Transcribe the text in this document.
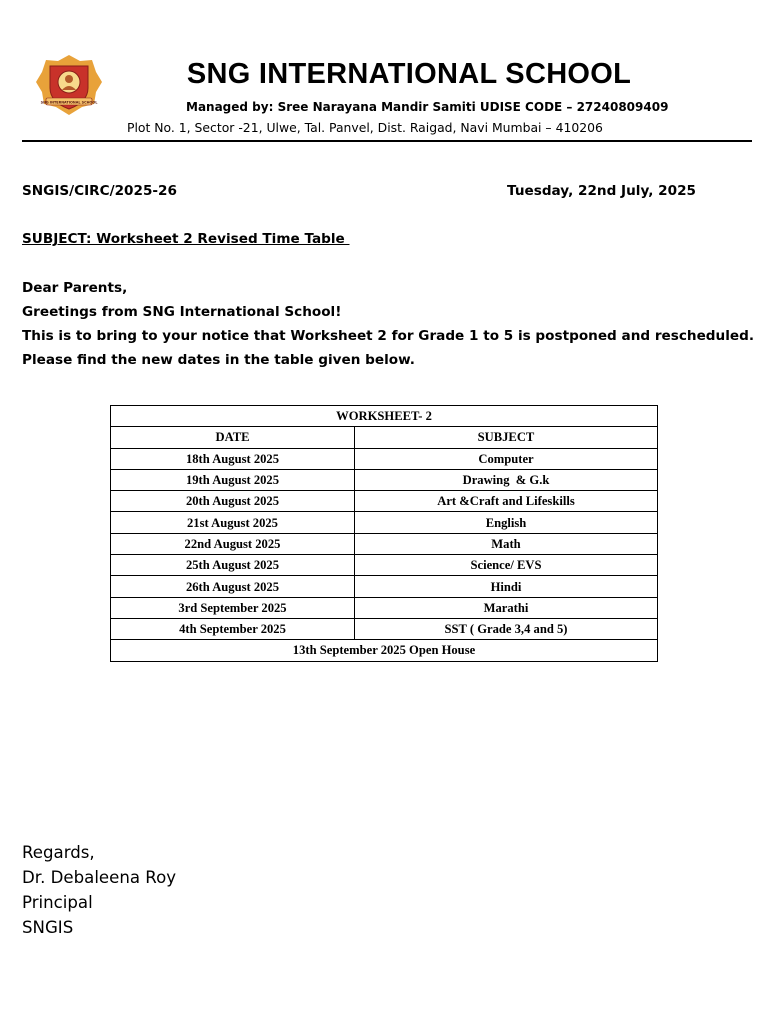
SNG INTERNATIONAL SCHOOL
SNG INTERNATIONAL SCHOOL
Managed by: Sree Narayana Mandir Samiti UDISE CODE – 27240809409
Plot No. 1, Sector -21, Ulwe, Tal. Panvel, Dist. Raigad, Navi Mumbai – 410206
SNGIS/CIRC/2025-26	Tuesday, 22nd July, 2025
SUBJECT: Worksheet 2 Revised Time Table
Dear Parents,
Greetings from SNG International School!
This is to bring to your notice that Worksheet 2 for Grade 1 to 5 is postponed and rescheduled.
Please find the new dates in the table given below.
WORKSHEET- 2	
DATE	SUBJECT
18th August 2025	Computer
19th August 2025	Drawing  & G.k
20th August 2025	Art &Craft and Lifeskills
21st August 2025	English
22nd August 2025	Math
25th August 2025	Science/ EVS
26th August 2025	Hindi
3rd September 2025	Marathi
4th September 2025	SST ( Grade 3,4 and 5)
13th September 2025 Open House	
Regards,
Dr. Debaleena Roy
Principal
SNGIS
